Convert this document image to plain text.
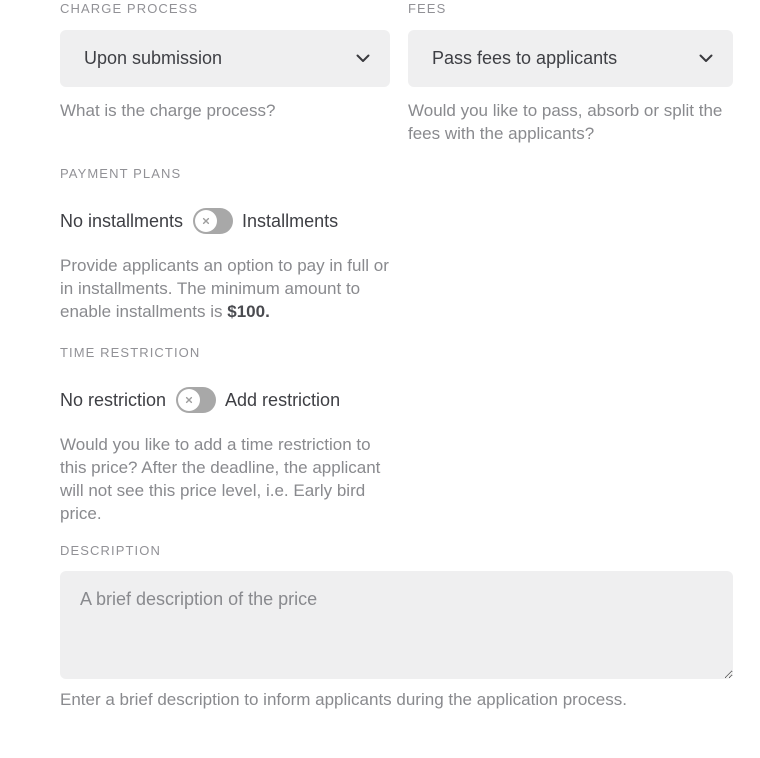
CHARGE PROCESS
Upon submission
What is the charge process?
FEES
Pass fees to applicants
Would you like to pass, absorb or split the fees with the applicants?
PAYMENT PLANS
No installments	Installments
Provide applicants an option to pay in full or in installments. The minimum amount to enable installments is $100.
TIME RESTRICTION
No restriction	Add restriction
Would you like to add a time restriction to this price? After the deadline, the applicant will not see this price level, i.e. Early bird price.
DESCRIPTION
A brief description of the price
Enter a brief description to inform applicants during the application process.
